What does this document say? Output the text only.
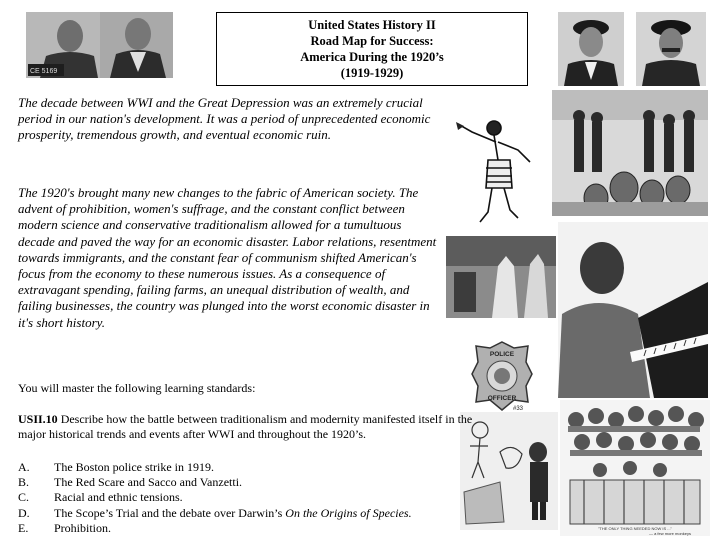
CE 5169
United States History II
Road Map for Success:
America During the 1920’s
(1919-1929)

The decade between WWI and the Great Depression was an extremely crucial period in our nation's development. It was a period of unprecedented economic prosperity, tremendous growth, and eventual economic ruin.

The 1920's brought many new changes to the fabric of American society. The advent of prohibition, women's suffrage, and the constant conflict between modern science and conservative traditionalism allowed for a tumultuous decade and paved the way for an economic disaster. Labor relations, resentment towards immigrants, and the constant fear of communism shifted American's focus from the economy to these numerous issues. As a consequence of extravagant spending, failing farms, an unequal distribution of wealth, and failing businesses, the country was plunged into the worst economic disaster in it's short history.

POLICE
OFFICER
#33
"THE ONLY THING NEEDED NOW IS ..."
— a few more monkeys
You will master the following learning standards:
USII.10 Describe how the battle between traditionalism and modernity manifested itself in the major historical trends and events after WWI and throughout the 1920’s.
A. The Boston police strike in 1919.
B. The Red Scare and Sacco and Vanzetti.
C. Racial and ethnic tensions.
D. The Scope’s Trial and the debate over Darwin’s On the Origins of Species.
E. Prohibition.
